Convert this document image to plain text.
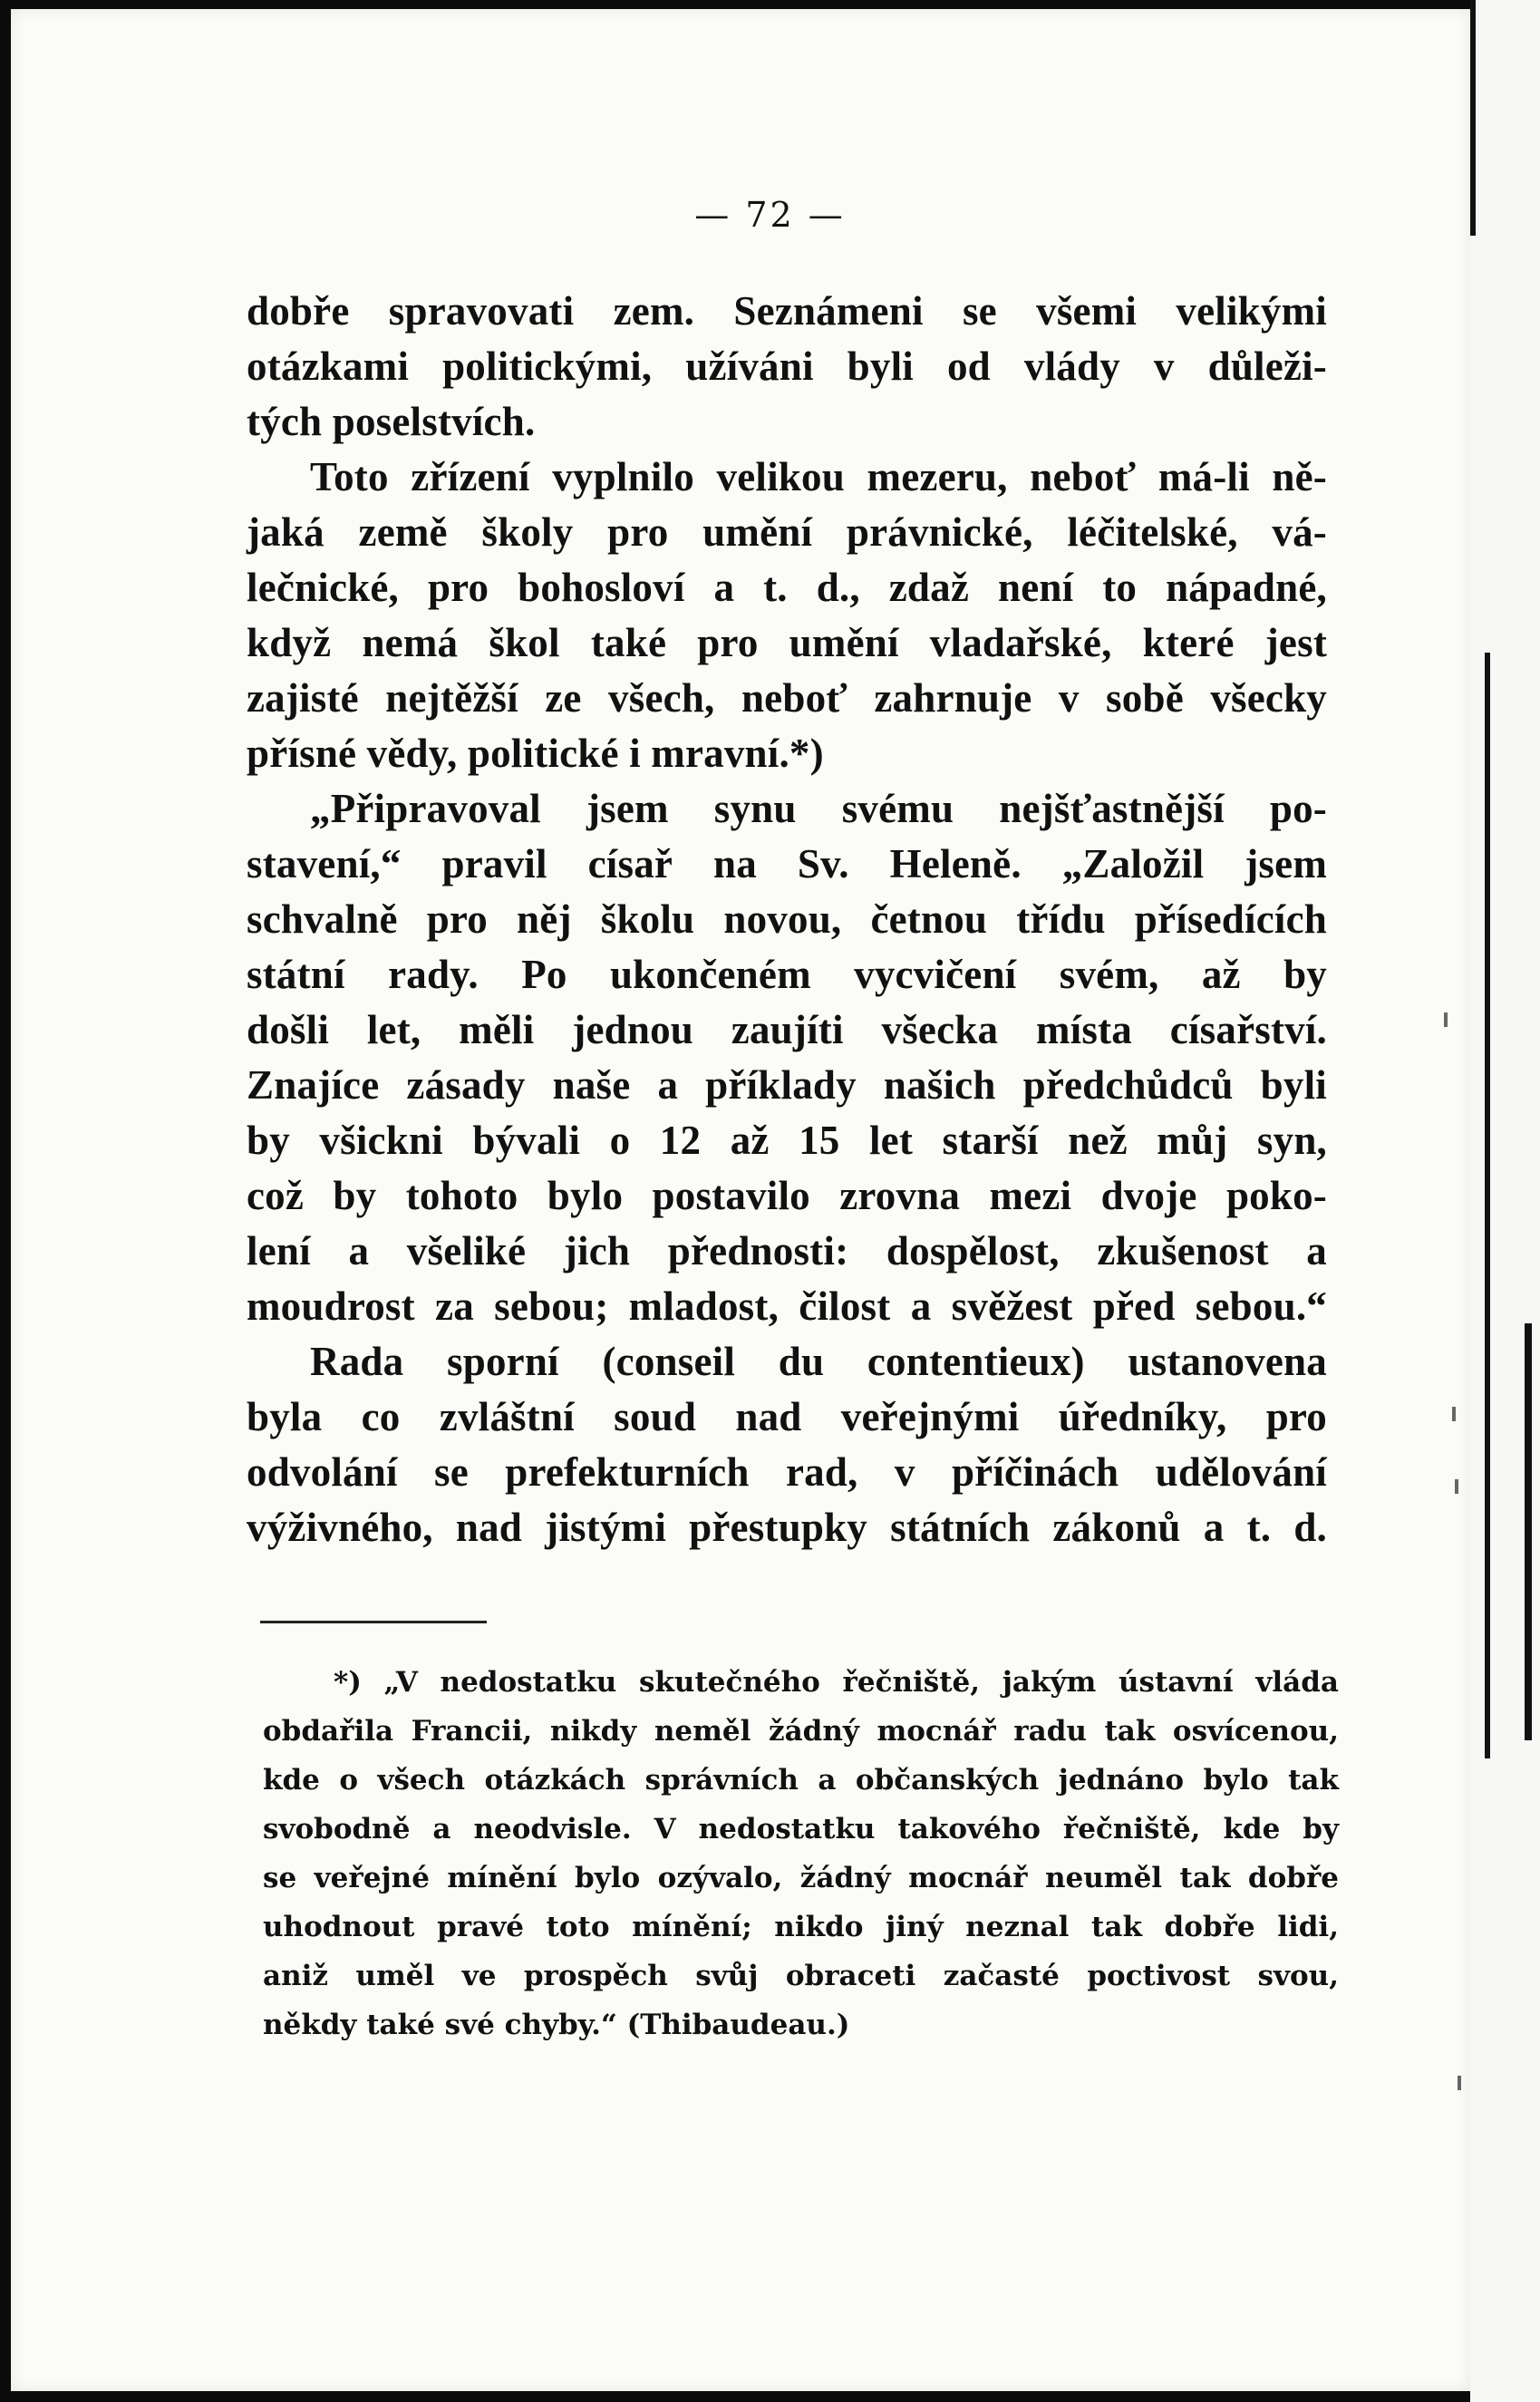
— 72 —
dobře spravovati zem. Seznámeni se všemi velikými
otázkami politickými, užíváni byli od vlády v důleži-
tých poselstvích.
Toto zřízení vyplnilo velikou mezeru, neboť má-li ně-
jaká země školy pro umění právnické, léčitelské, vá-
lečnické, pro bohosloví a t. d., zdaž není to nápadné,
když nemá škol také pro umění vladařské, které jest
zajisté nejtěžší ze všech, neboť zahrnuje v sobě všecky
přísné vědy, politické i mravní.*)
„Připravoval jsem synu svému nejšťastnější po-
stavení,“ pravil císař na Sv. Heleně. „Založil jsem
schvalně pro něj školu novou, četnou třídu přísedících
státní rady. Po ukončeném vycvičení svém, až by
došli let, měli jednou zaujíti všecka místa císařství.
Znajíce zásady naše a příklady našich předchůdců byli
by všickni bývali o 12 až 15 let starší než můj syn,
což by tohoto bylo postavilo zrovna mezi dvoje poko-
lení a všeliké jich přednosti: dospělost, zkušenost a
moudrost za sebou; mladost, čilost a svěžest před sebou.“
Rada sporní (conseil du contentieux) ustanovena
byla co zvláštní soud nad veřejnými úředníky, pro
odvolání se prefekturních rad, v příčinách udělování
výživného, nad jistými přestupky státních zákonů a t. d.
*) „V nedostatku skutečného řečniště, jakým ústavní vláda
obdařila Francii, nikdy neměl žádný mocnář radu tak osvícenou,
kde o všech otázkách správních a občanských jednáno bylo tak
svobodně a neodvisle. V nedostatku takového řečniště, kde by
se veřejné mínění bylo ozývalo, žádný mocnář neuměl tak dobře
uhodnout pravé toto mínění; nikdo jiný neznal tak dobře lidi,
aniž uměl ve prospěch svůj obraceti začasté poctivost svou,
někdy také své chyby.“ (Thibaudeau.)
